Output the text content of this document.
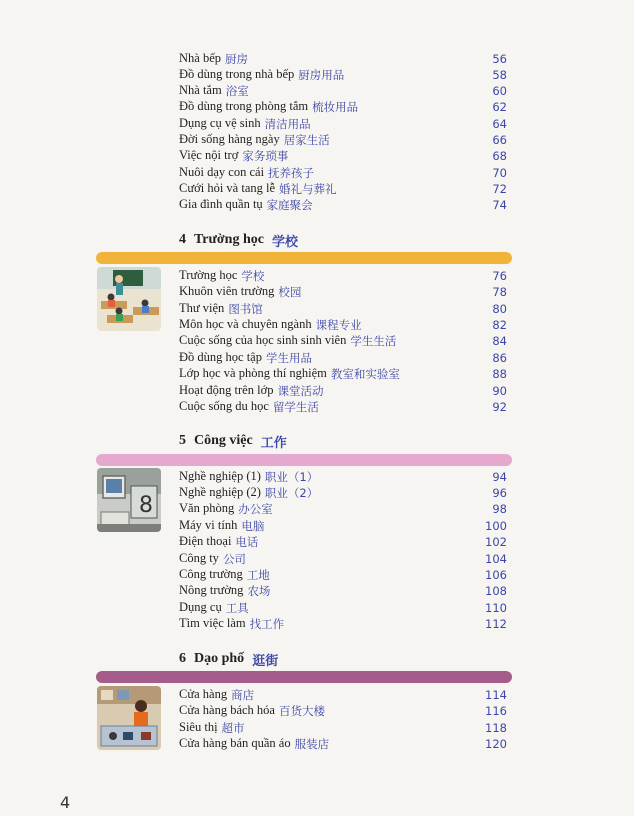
Nhà bếp 厨房	56
Đồ dùng trong nhà bếp 厨房用品	58
Nhà tắm 浴室	60
Đồ dùng trong phòng tắm 梳妆用品	62
Dụng cụ vệ sinh 清洁用品	64
Đời sống hàng ngày 居家生活	66
Việc nội trợ 家务琐事	68
Nuôi dạy con cái 抚养孩子	70
Cưới hỏi và tang lễ 婚礼与葬礼	72
Gia đình quần tụ 家庭聚会	74
4 Trường học 学校
Trường học 学校	76
Khuôn viên trường 校园	78
Thư viện 图书馆	80
Môn học và chuyên ngành 课程专业	82
Cuộc sống của học sinh sinh viên 学生生活	84
Đồ dùng học tập 学生用品	86
Lớp học và phòng thí nghiệm 教室和实验室	88
Hoạt động trên lớp 课堂活动	90
Cuộc sống du học 留学生活	92
5 Công việc 工作
8
Nghề nghiệp (1) 职业（1）	94
Nghề nghiệp (2) 职业（2）	96
Văn phòng 办公室	98
Máy vi tính 电脑	100
Điện thoại 电话	102
Công ty 公司	104
Công trường 工地	106
Nông trường 农场	108
Dụng cụ 工具	110
Tìm việc làm 找工作	112
6 Dạo phố 逛街
Cửa hàng 商店	114
Cửa hàng bách hóa 百货大楼	116
Siêu thị 超市	118
Cửa hàng bán quần áo 服装店	120
4
